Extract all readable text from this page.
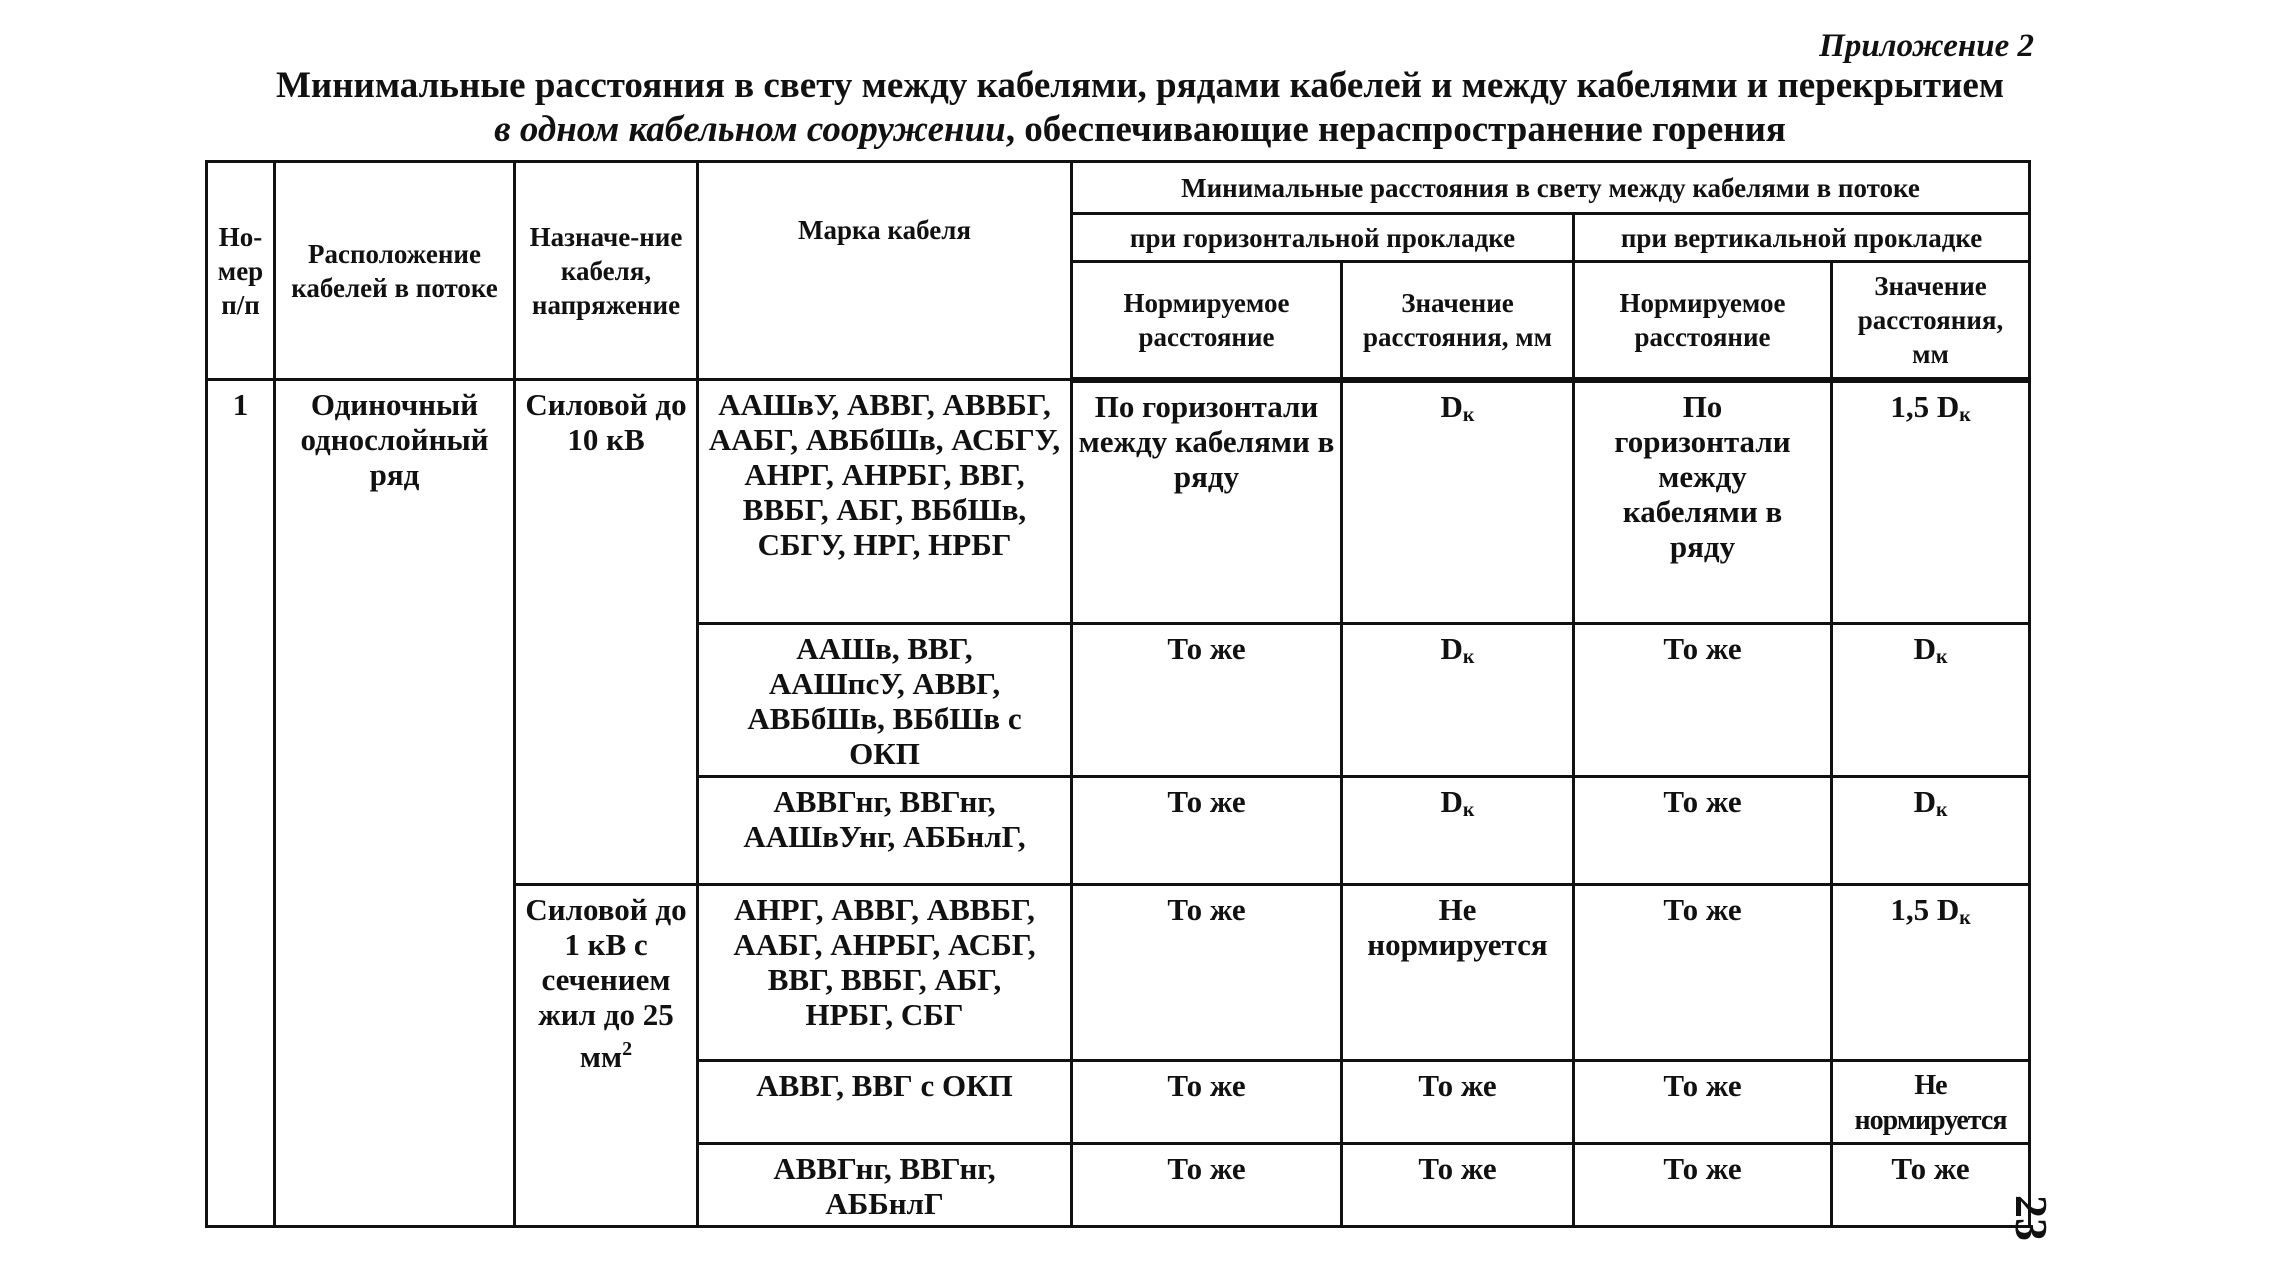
Приложение 2
Минимальные расстояния в свету между кабелями, рядами кабелей и между кабелями и перекрытием
в одном кабельном сооружении, обеспечивающие нераспространение горения
Но-мер п/п	Расположение кабелей в потоке	Назначе-ние кабеля, напряжение	Марка кабеля	Минимальные расстояния в свету между кабелями в потоке			
				при горизонтальной прокладке		при вертикальной прокладке	
				Нормируемое расстояние	Значение расстояния, мм	Нормируемое расстояние	Значение расстояния, мм
1	Одиночный однослойный ряд	Силовой до 10 кВ	ААШвУ, АВВГ, АВВБГ, ААБГ, АВБбШв, АСБГУ, АНРГ, АНРБГ, ВВГ, ВВБГ, АБГ, ВБбШв, СБГУ, НРГ, НРБГ	По горизонтали между кабелями в ряду	$D_к$	По горизонтали между кабелями в ряду	1,5 $D_к$
			ААШв, ВВГ, ААШпсУ, АВВГ, АВБбШв, ВБбШв с ОКП	То же	$D_к$	То же	$D_к$
			АВВГнг, ВВГнг, ААШвУнг, АББнлГ,	То же	$D_к$	То же	$D_к$
		Силовой до 1 кВ с сечением жил до 25 $мм^2$	АНРГ, АВВГ, АВВБГ, ААБГ, АНРБГ, АСБГ, ВВГ, ВВБГ, АБГ, НРБГ, СБГ	То же	Не нормируется	То же	1,5 $D_к$
			АВВГ, ВВГ с ОКП	То же	То же	То же	Не нормируется
			АВВГнг, ВВГнг, АББнлГ	То же	То же	То же	То же
23
